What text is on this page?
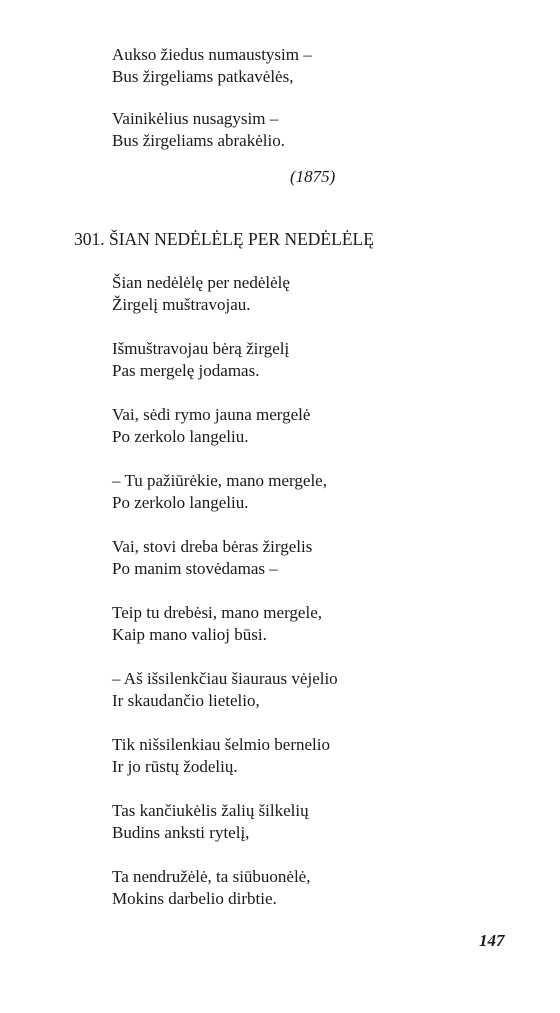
Aukso žiedus numaustysim –
Bus žirgeliams patkavėlės,
Vainikėlius nusagysim –
Bus žirgeliams abrakėlio.
(1875)
301. ŠIAN NEDĖLĖLĘ PER NEDĖLĖLĘ
Šian nedėlėlę per nedėlėlę
Žirgelį muštravojau.
Išmuštravojau bėrą žirgelį
Pas mergelę jodamas.
Vai, sėdi rymo jauna mergelė
Po zerkolo langeliu.
– Tu pažiūrėkie, mano mergele,
Po zerkolo langeliu.
Vai, stovi dreba bėras žirgelis
Po manim stovėdamas –
Teip tu drebėsi, mano mergele,
Kaip mano valioj būsi.
– Aš išsilenkčiau šiauraus vėjelio
Ir skaudančio lietelio,
Tik nišsilenkiau šelmio bernelio
Ir jo rūstų žodelių.
Tas kančiukėlis žalių šilkelių
Budins anksti rytelį,
Ta nendružėlė, ta siūbuonėlė,
Mokins darbelio dirbtie.
147
